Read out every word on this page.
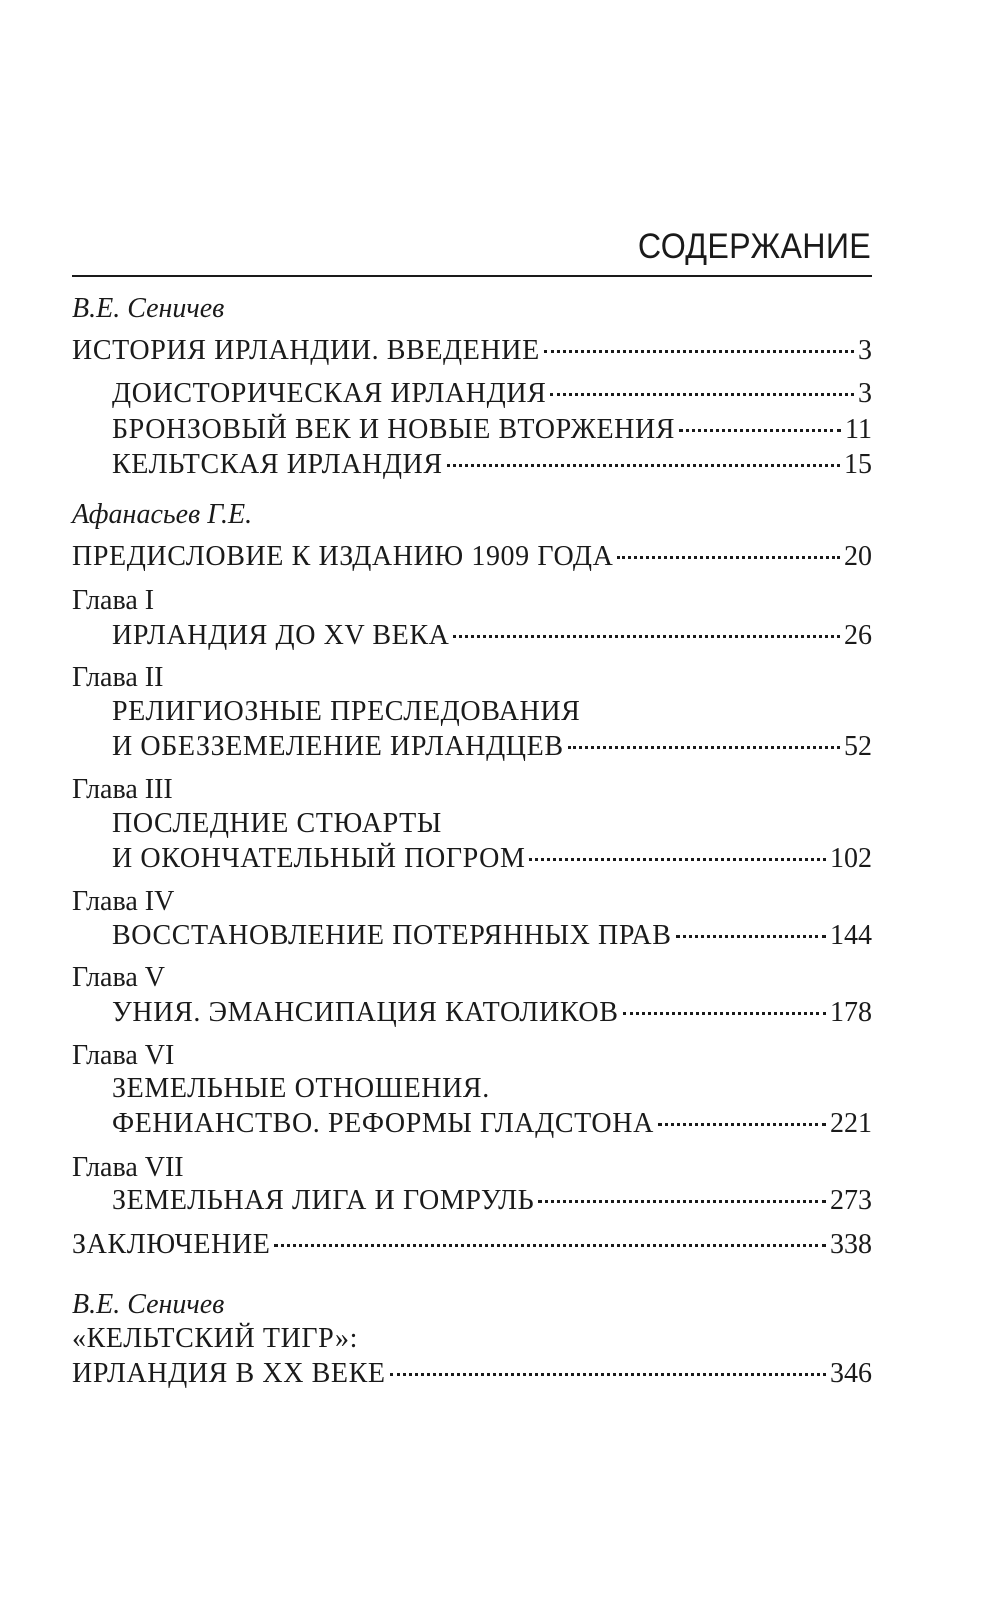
СОДЕРЖАНИЕ
В.Е. Сеничев
ИСТОРИЯ ИРЛАНДИИ. ВВЕДЕНИЕ	3
ДОИСТОРИЧЕСКАЯ ИРЛАНДИЯ	3
БРОНЗОВЫЙ ВЕК И НОВЫЕ ВТОРЖЕНИЯ	11
КЕЛЬТСКАЯ ИРЛАНДИЯ	15
Афанасьев Г.Е.
ПРЕДИСЛОВИЕ К ИЗДАНИЮ 1909 ГОДА	20
Глава I
ИРЛАНДИЯ ДО XV ВЕКА	26
Глава II
РЕЛИГИОЗНЫЕ ПРЕСЛЕДОВАНИЯ
И ОБЕЗЗЕМЕЛЕНИЕ ИРЛАНДЦЕВ	52
Глава III
ПОСЛЕДНИЕ СТЮАРТЫ
И ОКОНЧАТЕЛЬНЫЙ ПОГРОМ	102
Глава IV
ВОССТАНОВЛЕНИЕ ПОТЕРЯННЫХ ПРАВ	144
Глава V
УНИЯ. ЭМАНСИПАЦИЯ КАТОЛИКОВ	178
Глава VI
ЗЕМЕЛЬНЫЕ ОТНОШЕНИЯ.
ФЕНИАНСТВО. РЕФОРМЫ ГЛАДСТОНА	221
Глава VII
ЗЕМЕЛЬНАЯ ЛИГА И ГОМРУЛЬ	273
ЗАКЛЮЧЕНИЕ	338
В.Е. Сеничев
«КЕЛЬТСКИЙ ТИГР»:
ИРЛАНДИЯ В ХХ ВЕКЕ	346
